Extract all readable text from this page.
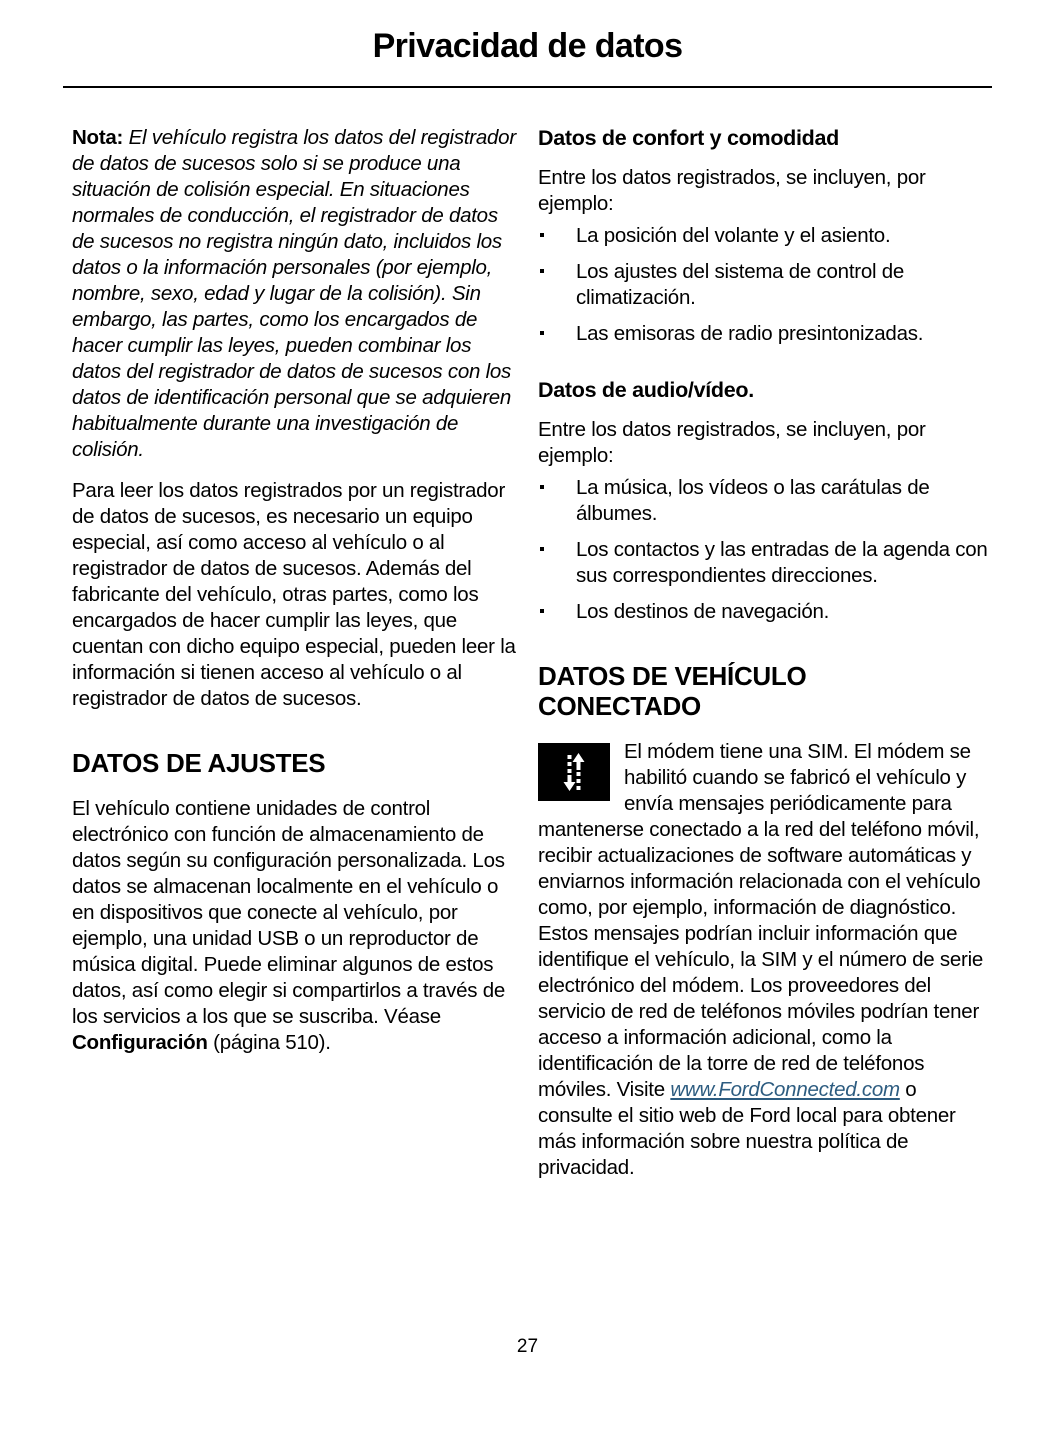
Privacidad de datos

Nota: El vehículo registra los datos del registrador de datos de sucesos solo si se produce una situación de colisión especial. En situaciones normales de conducción, el registrador de datos de sucesos no registra ningún dato, incluidos los datos o la información personales (por ejemplo, nombre, sexo, edad y lugar de la colisión). Sin embargo, las partes, como los encargados de hacer cumplir las leyes, pueden combinar los datos del registrador de datos de sucesos con los datos de identificación personal que se adquieren habitualmente durante una investigación de colisión.

Para leer los datos registrados por un registrador de datos de sucesos, es necesario un equipo especial, así como acceso al vehículo o al registrador de datos de sucesos. Además del fabricante del vehículo, otras partes, como los encargados de hacer cumplir las leyes, que cuentan con dicho equipo especial, pueden leer la información si tienen acceso al vehículo o al registrador de datos de sucesos.

DATOS DE AJUSTES

El vehículo contiene unidades de control electrónico con función de almacenamiento de datos según su configuración personalizada. Los datos se almacenan localmente en el vehículo o en dispositivos que conecte al vehículo, por ejemplo, una unidad USB o un reproductor de música digital. Puede eliminar algunos de estos datos, así como elegir si compartirlos a través de los servicios a los que se suscriba. Véase Configuración (página 510).

Datos de confort y comodidad

Entre los datos registrados, se incluyen, por ejemplo:

La posición del volante y el asiento.
Los ajustes del sistema de control de climatización.
Las emisoras de radio presintonizadas.
Datos de audio/vídeo.

Entre los datos registrados, se incluyen, por ejemplo:

La música, los vídeos o las carátulas de álbumes.
Los contactos y las entradas de la agenda con sus correspondientes direcciones.
Los destinos de navegación.
DATOS DE VEHÍCULO
CONECTADO

El módem tiene una SIM. El módem se habilitó cuando se fabricó el vehículo y envía mensajes periódicamente para mantenerse conectado a la red del teléfono móvil, recibir actualizaciones de software automáticas y enviarnos información relacionada con el vehículo como, por ejemplo, información de diagnóstico. Estos mensajes podrían incluir información que identifique el vehículo, la SIM y el número de serie electrónico del módem. Los proveedores del servicio de red de teléfonos móviles podrían tener acceso a información adicional, como la identificación de la torre de red de teléfonos móviles. Visite www.FordConnected.com o consulte el sitio web de Ford local para obtener más información sobre nuestra política de privacidad.

27
